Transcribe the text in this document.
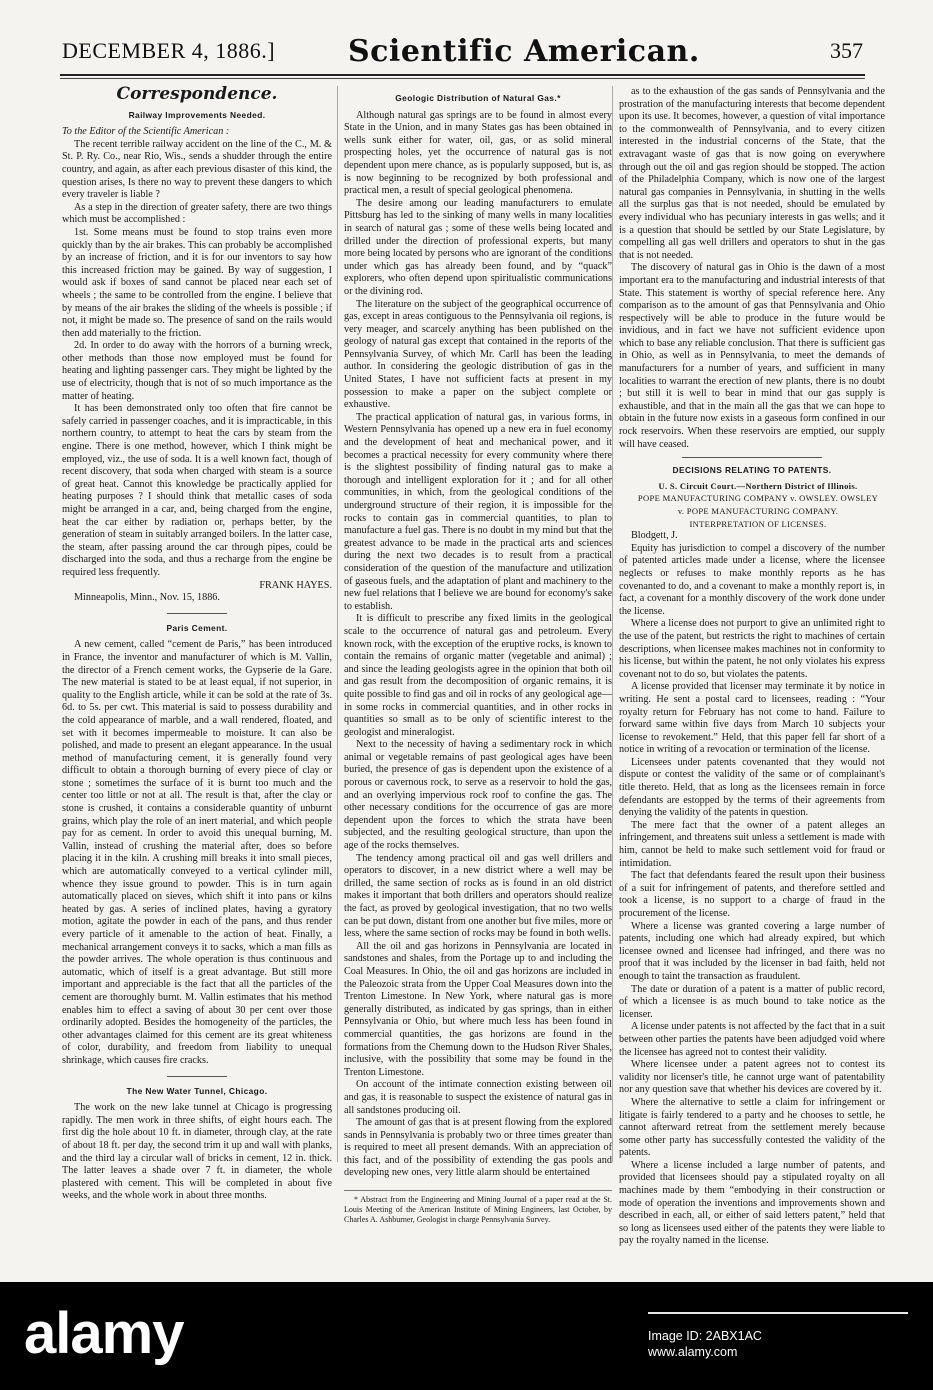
DECEMBER 4, 1886.] Scientific American.	357
Correspondence.
Railway Improvements Needed.

To the Editor of the Scientific American :

The recent terrible railway accident on the line of the C., M. & St. P. Ry. Co., near Rio, Wis., sends a shudder through the entire country, and again, as after each previous disaster of this kind, the question arises, Is there no way to prevent these dangers to which every traveler is liable ?

As a step in the direction of greater safety, there are two things which must be accomplished :

1st. Some means must be found to stop trains even more quickly than by the air brakes. This can probably be accomplished by an increase of friction, and it is for our inventors to say how this increased friction may be gained. By way of suggestion, I would ask if boxes of sand cannot be placed near each set of wheels ; the same to be controlled from the engine. I believe that by means of the air brakes the sliding of the wheels is possible ; if not, it might be made so. The presence of sand on the rails would then add materially to the friction.

2d. In order to do away with the horrors of a burning wreck, other methods than those now employed must be found for heating and lighting passenger cars. They might be lighted by the use of electricity, though that is not of so much importance as the matter of heating.

It has been demonstrated only too often that fire cannot be safely carried in passenger coaches, and it is impracticable, in this northern country, to attempt to heat the cars by steam from the engine. There is one method, however, which I think might be employed, viz., the use of soda. It is a well known fact, though of recent discovery, that soda when charged with steam is a source of great heat. Cannot this knowledge be practically applied for heating purposes ? I should think that metallic cases of soda might be arranged in a car, and, being charged from the engine, heat the car either by radiation or, perhaps better, by the generation of steam in suitably arranged boilers. In the latter case, the steam, after passing around the car through pipes, could be discharged into the soda, and thus a recharge from the engine be required less frequently.

FRANK HAYES.

Minneapolis, Minn., Nov. 15, 1886.

Paris Cement.

A new cement, called “cement de Paris,” has been introduced in France, the inventor and manufacturer of which is M. Vallin, the director of a French cement works, the Gypserie de la Gare. The new material is stated to be at least equal, if not superior, in quality to the English article, while it can be sold at the rate of 3s. 6d. to 5s. per cwt. This material is said to possess durability and the cold appearance of marble, and a wall rendered, floated, and set with it becomes impermeable to moisture. It can also be polished, and made to present an elegant appearance. In the usual method of manufacturing cement, it is generally found very difficult to obtain a thorough burning of every piece of clay or stone ; sometimes the surface of it is burnt too much and the center too little or not at all. The result is that, after the clay or stone is crushed, it contains a considerable quantity of unburnt grains, which play the role of an inert material, and which people pay for as cement. In order to avoid this unequal burning, M. Vallin, instead of crushing the material after, does so before placing it in the kiln. A crushing mill breaks it into small pieces, which are automatically conveyed to a vertical cylinder mill, whence they issue ground to powder. This is in turn again automatically placed on sieves, which shift it into pans or kilns heated by gas. A series of inclined plates, having a gyratory motion, agitate the powder in each of the pans, and thus render every particle of it amenable to the action of heat. Finally, a mechanical arrangement conveys it to sacks, which a man fills as the powder arrives. The whole operation is thus continuous and automatic, which of itself is a great advantage. But still more important and appreciable is the fact that all the particles of the cement are thoroughly burnt. M. Vallin estimates that his method enables him to effect a saving of about 30 per cent over those ordinarily adopted. Besides the homogeneity of the particles, the other advantages claimed for this cement are its great whiteness of color, durability, and freedom from liability to unequal shrinkage, which causes fire cracks.

The New Water Tunnel, Chicago.

The work on the new lake tunnel at Chicago is progressing rapidly. The men work in three shifts, of eight hours each. The first dig the hole about 10 ft. in diameter, through clay, at the rate of about 18 ft. per day, the second trim it up and wall with planks, and the third lay a circular wall of bricks in cement, 12 in. thick. The latter leaves a shade over 7 ft. in diameter, the whole plastered with cement. This will be completed in about five weeks, and the whole work in about three months.

Geologic Distribution of Natural Gas.*

Although natural gas springs are to be found in almost every State in the Union, and in many States gas has been obtained in wells sunk either for water, oil, gas, or as solid mineral prospecting holes, yet the occurrence of natural gas is not dependent upon mere chance, as is popularly supposed, but is, as is now beginning to be recognized by both professional and practical men, a result of special geological phenomena.

The desire among our leading manufacturers to emulate Pittsburg has led to the sinking of many wells in many localities in search of natural gas ; some of these wells being located and drilled under the direction of professional experts, but many more being located by persons who are ignorant of the conditions under which gas has already been found, and by “quack” explorers, who often depend upon spiritualistic communications or the divining rod.

The literature on the subject of the geographical occurrence of gas, except in areas contiguous to the Pennsylvania oil regions, is very meager, and scarcely anything has been published on the geology of natural gas except that contained in the reports of the Pennsylvania Survey, of which Mr. Carll has been the leading author. In considering the geologic distribution of gas in the United States, I have not sufficient facts at present in my possession to make a paper on the subject complete or exhaustive.

The practical application of natural gas, in various forms, in Western Pennsylvania has opened up a new era in fuel economy and the development of heat and mechanical power, and it becomes a practical necessity for every community where there is the slightest possibility of finding natural gas to make a thorough and intelligent exploration for it ; and for all other communities, in which, from the geological conditions of the underground structure of their region, it is impossible for the rocks to contain gas in commercial quantities, to plan to manufacture a fuel gas. There is no doubt in my mind but that the greatest advance to be made in the practical arts and sciences during the next two decades is to result from a practical consideration of the question of the manufacture and utilization of gaseous fuels, and the adaptation of plant and machinery to the new fuel relations that I believe we are bound for economy's sake to establish.

It is difficult to prescribe any fixed limits in the geological scale to the occurrence of natural gas and petroleum. Every known rock, with the exception of the eruptive rocks, is known to contain the remains of organic matter (vegetable and animal) ; and since the leading geologists agree in the opinion that both oil and gas result from the decomposition of organic remains, it is quite possible to find gas and oil in rocks of any geological age—in some rocks in commercial quantities, and in other rocks in quantities so small as to be only of scientific interest to the geologist and mineralogist.

Next to the necessity of having a sedimentary rock in which animal or vegetable remains of past geological ages have been buried, the presence of gas is dependent upon the existence of a porous or cavernous rock, to serve as a reservoir to hold the gas, and an overlying impervious rock roof to confine the gas. The other necessary conditions for the occurrence of gas are more dependent upon the forces to which the strata have been subjected, and the resulting geological structure, than upon the age of the rocks themselves.

The tendency among practical oil and gas well drillers and operators to discover, in a new district where a well may be drilled, the same section of rocks as is found in an old district makes it important that both drillers and operators should realize the fact, as proved by geological investigation, that no two wells can be put down, distant from one another but five miles, more or less, where the same section of rocks may be found in both wells.

All the oil and gas horizons in Pennsylvania are located in sandstones and shales, from the Portage up to and including the Coal Measures. In Ohio, the oil and gas horizons are included in the Paleozoic strata from the Upper Coal Measures down into the Trenton Limestone. In New York, where natural gas is more generally distributed, as indicated by gas springs, than in either Pennsylvania or Ohio, but where much less has been found in commercial quantities, the gas horizons are found in the formations from the Chemung down to the Hudson River Shales, inclusive, with the possibility that some may be found in the Trenton Limestone.

On account of the intimate connection existing between oil and gas, it is reasonable to suspect the existence of natural gas in all sandstones producing oil.

The amount of gas that is at present flowing from the explored sands in Pennsylvania is probably two or three times greater than is required to meet all present demands. With an appreciation of this fact, and of the possibility of extending the gas pools and developing new ones, very little alarm should be entertained

* Abstract from the Engineering and Mining Journal of a paper read at the St. Louis Meeting of the American Institute of Mining Engineers, last October, by Charles A. Ashburner, Geologist in charge Pennsylvania Survey.

as to the exhaustion of the gas sands of Pennsylvania and the prostration of the manufacturing interests that become dependent upon its use. It becomes, however, a question of vital importance to the commonwealth of Pennsylvania, and to every citizen interested in the industrial concerns of the State, that the extravagant waste of gas that is now going on everywhere through out the oil and gas region should be stopped. The action of the Philadelphia Company, which is now one of the largest natural gas companies in Pennsylvania, in shutting in the wells all the surplus gas that is not needed, should be emulated by every individual who has pecuniary interests in gas wells; and it is a question that should be settled by our State Legislature, by compelling all gas well drillers and operators to shut in the gas that is not needed.

The discovery of natural gas in Ohio is the dawn of a most important era to the manufacturing and industrial interests of that State. This statement is worthy of special reference here. Any comparison as to the amount of gas that Pennsylvania and Ohio respectively will be able to produce in the future would be invidious, and in fact we have not sufficient evidence upon which to base any reliable conclusion. That there is sufficient gas in Ohio, as well as in Pennsylvania, to meet the demands of manufacturers for a number of years, and sufficient in many localities to warrant the erection of new plants, there is no doubt ; but still it is well to bear in mind that our gas supply is exhaustible, and that in the main all the gas that we can hope to obtain in the future now exists in a gaseous form confined in our rock reservoirs. When these reservoirs are emptied, our supply will have ceased.

DECISIONS RELATING TO PATENTS.

U. S. Circuit Court.—Northern District of Illinois.

POPE MANUFACTURING COMPANY v. OWSLEY. OWSLEY

v. POPE MANUFACTURING COMPANY.

INTERPRETATION OF LICENSES.

Blodgett, J.

Equity has jurisdiction to compel a discovery of the number of patented articles made under a license, where the licensee neglects or refuses to make monthly reports as he has covenanted to do, and a covenant to make a monthly report is, in fact, a covenant for a monthly discovery of the work done under the license.

Where a license does not purport to give an unlimited right to the use of the patent, but restricts the right to machines of certain descriptions, when licensee makes machines not in conformity to his license, but within the patent, he not only violates his express covenant not to do so, but violates the patents.

A license provided that licenser may terminate it by notice in writing. He sent a postal card to licensees, reading : “Your royalty return for February has not come to hand. Failure to forward same within five days from March 10 subjects your license to revokement.” Held, that this paper fell far short of a notice in writing of a revocation or termination of the license.

Licensees under patents covenanted that they would not dispute or contest the validity of the same or of complainant's title thereto. Held, that as long as the licensees remain in force defendants are estopped by the terms of their agreements from denying the validity of the patents in question.

The mere fact that the owner of a patent alleges an infringement, and threatens suit unless a settlement is made with him, cannot be held to make such settlement void for fraud or intimidation.

The fact that defendants feared the result upon their business of a suit for infringement of patents, and therefore settled and took a license, is no support to a charge of fraud in the procurement of the license.

Where a license was granted covering a large number of patents, including one which had already expired, but which licensee owned and licensee had infringed, and there was no proof that it was included by the licenser in bad faith, held not enough to taint the transaction as fraudulent.

The date or duration of a patent is a matter of public record, of which a licensee is as much bound to take notice as the licenser.

A license under patents is not affected by the fact that in a suit between other parties the patents have been adjudged void where the licensee has agreed not to contest their validity.

Where licensee under a patent agrees not to contest its validity nor licenser's title, he cannot urge want of patentability nor any question save that whether his devices are covered by it.

Where the alternative to settle a claim for infringement or litigate is fairly tendered to a party and he chooses to settle, he cannot afterward retreat from the settlement merely because some other party has successfully contested the validity of the patents.

Where a license included a large number of patents, and provided that licensees should pay a stipulated royalty on all machines made by them “embodying in their construction or mode of operation the inventions and improvements shown and described in each, all, or either of said letters patent,” held that so long as licensees used either of the patents they were liable to pay the royalty named in the license.

alamy	Image ID: 2ABX1AC
www.alamy.com
